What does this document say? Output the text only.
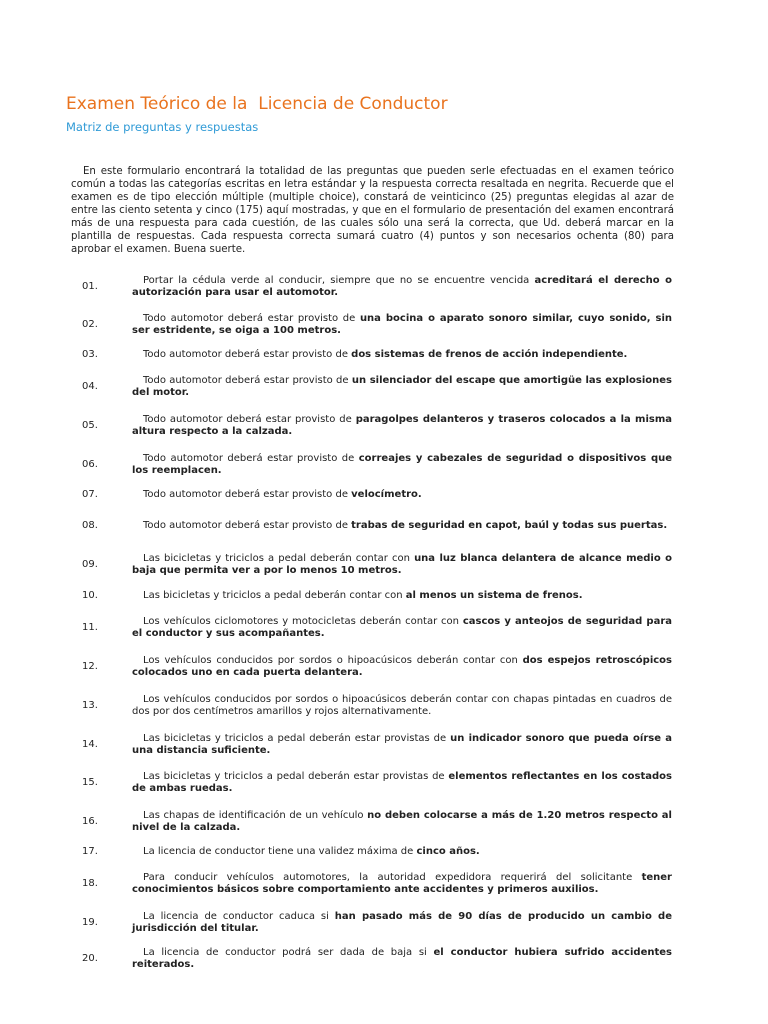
Examen Teórico de la  Licencia de Conductor
Matriz de preguntas y respuestas

En este formulario encontrará la totalidad de las preguntas que pueden serle efectuadas en el examen teórico común a todas las categorías escritas en letra estándar y la respuesta correcta resaltada en negrita. Recuerde que el examen es de tipo elección múltiple (multiple choice), constará de veinticinco (25) preguntas elegidas al azar de entre las ciento setenta y cinco (175) aquí mostradas, y que en el formulario de presentación del examen encontrará más de una respuesta para cada cuestión, de las cuales sólo una será la correcta, que Ud. deberá marcar en la plantilla de respuestas. Cada respuesta correcta sumará cuatro (4) puntos y son necesarios ochenta (80) para aprobar el examen. Buena suerte.

01.

Portar la cédula verde al conducir, siempre que no se encuentre vencida acreditará el derecho o autorización para usar el automotor.

02.

Todo automotor deberá estar provisto de una bocina o aparato sonoro similar, cuyo sonido, sin ser estridente, se oiga a 100 metros.

03.	Todo automotor deberá estar provisto de dos sistemas de frenos de acción independiente.

04.

Todo automotor deberá estar provisto de un silenciador del escape que amortigüe las explosiones del motor.

05.

Todo automotor deberá estar provisto de paragolpes delanteros y traseros colocados a la misma altura respecto a la calzada.

06.

Todo automotor deberá estar provisto de correajes y cabezales de seguridad o dispositivos que los reemplacen.

07.	Todo automotor deberá estar provisto de velocímetro.

08.	Todo automotor deberá estar provisto de trabas de seguridad en capot, baúl y todas sus puertas.

09.

Las bicicletas y triciclos a pedal deberán contar con una luz blanca delantera de alcance medio o baja que permita ver a por lo menos 10 metros.

10.	Las bicicletas y triciclos a pedal deberán contar con al menos un sistema de frenos.

11.

Los vehículos ciclomotores y motocicletas deberán contar con cascos y anteojos de seguridad para el conductor y sus acompañantes.

12.

Los vehículos conducidos por sordos o hipoacúsicos deberán contar con dos espejos retroscópicos colocados uno en cada puerta delantera.

13.

Los vehículos conducidos por sordos o hipoacúsicos deberán contar con chapas pintadas en cuadros de dos por dos centímetros amarillos y rojos alternativamente.

14.

Las bicicletas y triciclos a pedal deberán estar provistas de un indicador sonoro que pueda oírse a una distancia suficiente.

15.

Las bicicletas y triciclos a pedal deberán estar provistas de elementos reflectantes en los costados de ambas ruedas.

16.

Las chapas de identificación de un vehículo no deben colocarse a más de 1.20 metros respecto al nivel de la calzada.

17.	La licencia de conductor tiene una validez máxima de cinco años.

18.

Para conducir vehículos automotores, la autoridad expedidora requerirá del solicitante tener conocimientos básicos sobre comportamiento ante accidentes y primeros auxilios.

19.

La licencia de conductor caduca si han pasado más de 90 días de producido un cambio de jurisdicción del titular.

20.

La licencia de conductor podrá ser dada de baja si el conductor hubiera sufrido accidentes reiterados.
